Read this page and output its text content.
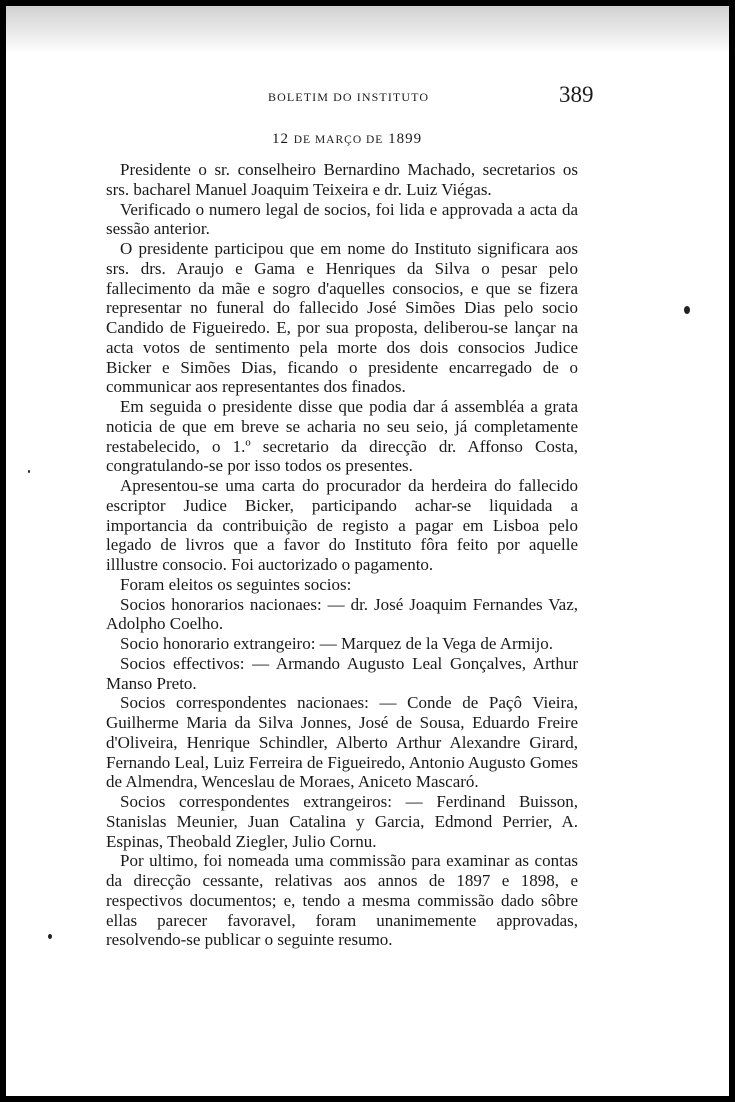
BOLETIM DO INSTITUTO	389
12 DE MARÇO DE 1899

Presidente o sr. conselheiro Bernardino Machado, secretarios os srs. bacharel Manuel Joaquim Teixeira e dr. Luiz Viégas.

Verificado o numero legal de socios, foi lida e approvada a acta da sessão anterior.

O presidente participou que em nome do Instituto significara aos srs. drs. Araujo e Gama e Henriques da Silva o pesar pelo fallecimento da mãe e sogro d'aquelles consocios, e que se fizera representar no funeral do fallecido José Simões Dias pelo socio Candido de Figueiredo. E, por sua proposta, deliberou-se lançar na acta votos de sentimento pela morte dos dois consocios Judice Bicker e Simões Dias, ficando o presidente encarregado de o communicar aos representantes dos finados.

Em seguida o presidente disse que podia dar á assembléa a grata noticia de que em breve se acharia no seu seio, já completamente restabelecido, o 1.º secretario da direcção dr. Affonso Costa, congratulando-se por isso todos os presentes.

Apresentou-se uma carta do procurador da herdeira do fallecido escriptor Judice Bicker, participando achar-se liquidada a importancia da contribuição de registo a pagar em Lisboa pelo legado de livros que a favor do Instituto fôra feito por aquelle illlustre consocio. Foi auctorizado o pagamento.

Foram eleitos os seguintes socios:

Socios honorarios nacionaes: — dr. José Joaquim Fernandes Vaz, Adolpho Coelho.

Socio honorario extrangeiro: — Marquez de la Vega de Armijo.

Socios effectivos: — Armando Augusto Leal Gonçalves, Arthur Manso Preto.

Socios correspondentes nacionaes: — Conde de Paçô Vieira, Guilherme Maria da Silva Jonnes, José de Sousa, Eduardo Freire d'Oliveira, Henrique Schindler, Alberto Arthur Alexandre Girard, Fernando Leal, Luiz Ferreira de Figueiredo, Antonio Augusto Gomes de Almendra, Wenceslau de Moraes, Aniceto Mascaró.

Socios correspondentes extrangeiros: — Ferdinand Buisson, Stanislas Meunier, Juan Catalina y Garcia, Edmond Perrier, A. Espinas, Theobald Ziegler, Julio Cornu.

Por ultimo, foi nomeada uma commissão para examinar as contas da direcção cessante, relativas aos annos de 1897 e 1898, e respectivos documentos; e, tendo a mesma commissão dado sôbre ellas parecer favoravel, foram unanimemente approvadas, resolvendo-se publicar o seguinte resumo.
